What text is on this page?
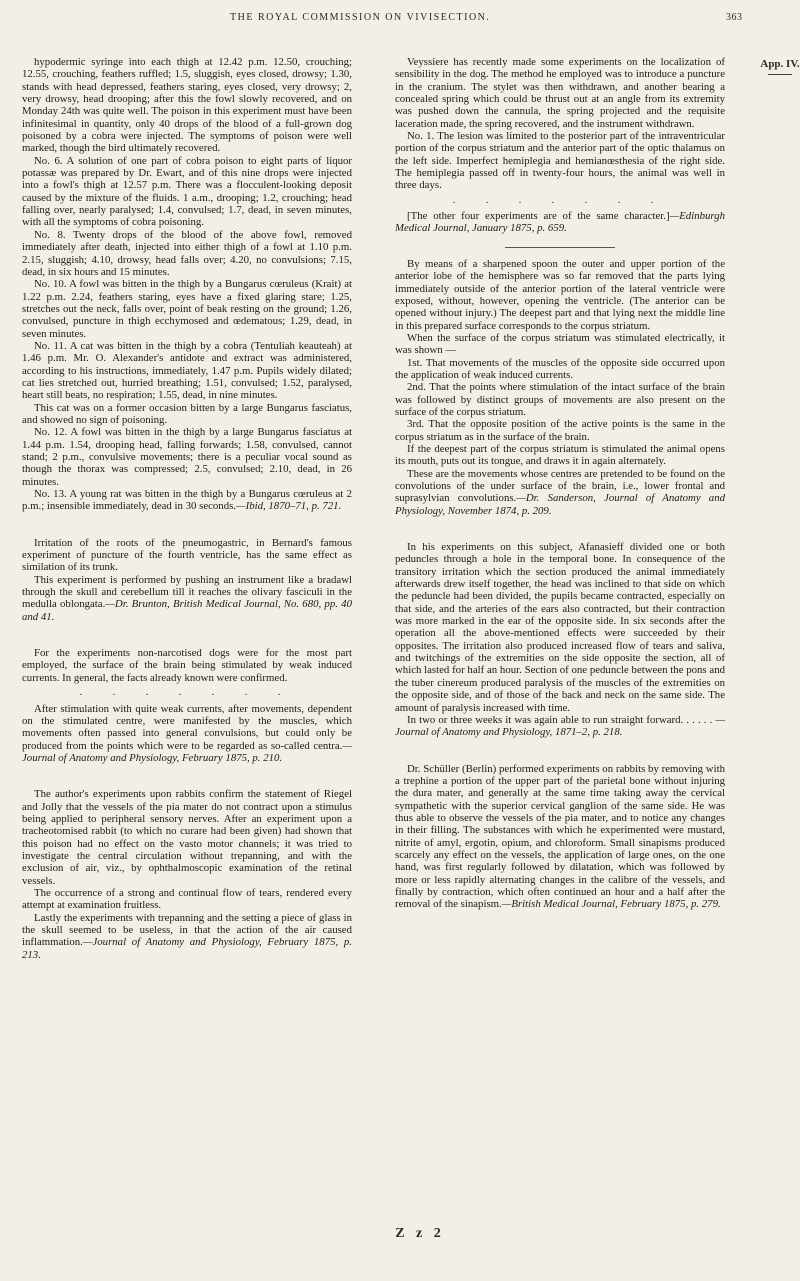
THE ROYAL COMMISSION ON VIVISECTION.	363
App. IV.

hypodermic syringe into each thigh at 12.42 p.m. 12.50, crouching; 12.55, crouching, feathers ruffled; 1.5, sluggish, eyes closed, drowsy; 1.30, stands with head depressed, feathers staring, eyes closed, very drowsy; 2, very drowsy, head drooping; after this the fowl slowly recovered, and on Monday 24th was quite well. The poison in this experiment must have been infinitesimal in quantity, only 40 drops of the blood of a full-grown dog poisoned by a cobra were injected. The symptoms of poison were well marked, though the bird ultimately recovered.

No. 6. A solution of one part of cobra poison to eight parts of liquor potassæ was prepared by Dr. Ewart, and of this nine drops were injected into a fowl's thigh at 12.57 p.m. There was a flocculent-looking deposit caused by the mixture of the fluids. 1 a.m., drooping; 1.2, crouching; head falling over, nearly paralysed; 1.4, convulsed; 1.7, dead, in seven minutes, with all the symptoms of cobra poisoning.

No. 8. Twenty drops of the blood of the above fowl, removed immediately after death, injected into either thigh of a fowl at 1.10 p.m. 2.15, sluggish; 4.10, drowsy, head falls over; 4.20, no convulsions; 7.15, dead, in six hours and 15 minutes.

No. 10. A fowl was bitten in the thigh by a Bungarus cœruleus (Krait) at 1.22 p.m. 2.24, feathers staring, eyes have a fixed glaring stare; 1.25, stretches out the neck, falls over, point of beak resting on the ground; 1.26, convulsed, puncture in thigh ecchymosed and œdematous; 1.29, dead, in seven minutes.

No. 11. A cat was bitten in the thigh by a cobra (Tentuliah keauteah) at 1.46 p.m. Mr. O. Alexander's antidote and extract was administered, according to his instructions, immediately, 1.47 p.m. Pupils widely dilated; cat lies stretched out, hurried breathing; 1.51, convulsed; 1.52, paralysed, heart still beats, no respiration; 1.55, dead, in nine minutes.

This cat was on a former occasion bitten by a large Bungarus fasciatus, and showed no sign of poisoning.

No. 12. A fowl was bitten in the thigh by a large Bungarus fasciatus at 1.44 p.m. 1.54, drooping head, falling forwards; 1.58, convulsed, cannot stand; 2 p.m., convulsive movements; there is a peculiar vocal sound as though the thorax was compressed; 2.5, convulsed; 2.10, dead, in 26 minutes.

No. 13. A young rat was bitten in the thigh by a Bungarus cœruleus at 2 p.m.; insensible immediately, dead in 30 seconds.—Ibid, 1870–71, p. 721.

Irritation of the roots of the pneumogastric, in Bernard's famous experiment of puncture of the fourth ventricle, has the same effect as similation of its trunk.

This experiment is performed by pushing an instrument like a bradawl through the skull and cerebellum till it reaches the olivary fasciculi in the medulla oblongata.—Dr. Brunton, British Medical Journal, No. 680, pp. 40 and 41.

For the experiments non-narcotised dogs were for the most part employed, the surface of the brain being stimulated by weak induced currents. In general, the facts already known were confirmed.

. . . . . . .

After stimulation with quite weak currents, after movements, dependent on the stimulated centre, were manifested by the muscles, which movements often passed into general convulsions, but could only be produced from the points which were to be regarded as so-called centra.—Journal of Anatomy and Physiology, February 1875, p. 210.

The author's experiments upon rabbits confirm the statement of Riegel and Jolly that the vessels of the pia mater do not contract upon a stimulus being applied to peripheral sensory nerves. After an experiment upon a tracheotomised rabbit (to which no curare had been given) had shown that this poison had no effect on the vasto motor channels; it was tried to investigate the central circulation without trepanning, and with the exclusion of air, viz., by ophthalmoscopic examination of the retinal vessels.

The occurrence of a strong and continual flow of tears, rendered every attempt at examination fruitless.

Lastly the experiments with trepanning and the setting a piece of glass in the skull seemed to be useless, in that the action of the air caused inflammation.—Journal of Anatomy and Physiology, February 1875, p. 213.

Veyssiere has recently made some experiments on the localization of sensibility in the dog. The method he employed was to introduce a puncture in the cranium. The stylet was then withdrawn, and another bearing a concealed spring which could be thrust out at an angle from its extremity was pushed down the cannula, the spring projected and the requisite laceration made, the spring recovered, and the instrument withdrawn.

No. 1. The lesion was limited to the posterior part of the intraventricular portion of the corpus striatum and the anterior part of the optic thalamus on the left side. Imperfect hemiplegia and hemianœsthesia of the right side. The hemiplegia passed off in twenty-four hours, the animal was well in three days.

. . . . . . .

[The other four experiments are of the same character.]—Edinburgh Medical Journal, January 1875, p. 659.

By means of a sharpened spoon the outer and upper portion of the anterior lobe of the hemisphere was so far removed that the parts lying immediately outside of the anterior portion of the lateral ventricle were exposed, without, however, opening the ventricle. (The anterior can be opened without injury.) The deepest part and that lying next the middle line in this prepared surface corresponds to the corpus striatum.

When the surface of the corpus striatum was stimulated electrically, it was shown —

1st. That movements of the muscles of the opposite side occurred upon the application of weak induced currents.

2nd. That the points where stimulation of the intact surface of the brain was followed by distinct groups of movements are also present on the surface of the corpus striatum.

3rd. That the opposite position of the active points is the same in the corpus striatum as in the surface of the brain.

If the deepest part of the corpus striatum is stimulated the animal opens its mouth, puts out its tongue, and draws it in again alternately.

These are the movements whose centres are pretended to be found on the convolutions of the under surface of the brain, i.e., lower frontal and suprasylvian convolutions.—Dr. Sanderson, Journal of Anatomy and Physiology, November 1874, p. 209.

In his experiments on this subject, Afanasieff divided one or both peduncles through a hole in the temporal bone. In consequence of the transitory irritation which the section produced the animal immediately afterwards drew itself together, the head was inclined to that side on which the peduncle had been divided, the pupils became contracted, especially on that side, and the arteries of the ears also contracted, but their contraction was more marked in the ear of the opposite side. In six seconds after the operation all the above-mentioned effects were succeeded by their opposites. The irritation also produced increased flow of tears and saliva, and twitchings of the extremities on the side opposite the section, all of which lasted for half an hour. Section of one peduncle between the pons and the tuber cinereum produced paralysis of the muscles of the extremities on the opposite side, and of those of the back and neck on the same side. The amount of paralysis increased with time.

In two or three weeks it was again able to run straight forward. . . . . . —Journal of Anatomy and Physiology, 1871–2, p. 218.

Dr. Schüller (Berlin) performed experiments on rabbits by removing with a trephine a portion of the upper part of the parietal bone without injuring the dura mater, and generally at the same time taking away the cervical sympathetic with the superior cervical ganglion of the same side. He was thus able to observe the vessels of the pia mater, and to notice any changes in their filling. The substances with which he experimented were mustard, nitrite of amyl, ergotin, opium, and chloroform. Small sinapisms produced scarcely any effect on the vessels, the application of large ones, on the one hand, was first regularly followed by dilatation, which was followed by more or less rapidly alternating changes in the calibre of the vessels, and finally by contraction, which often continued an hour and a half after the removal of the sinapism.—British Medical Journal, February 1875, p. 279.

Z z 2
